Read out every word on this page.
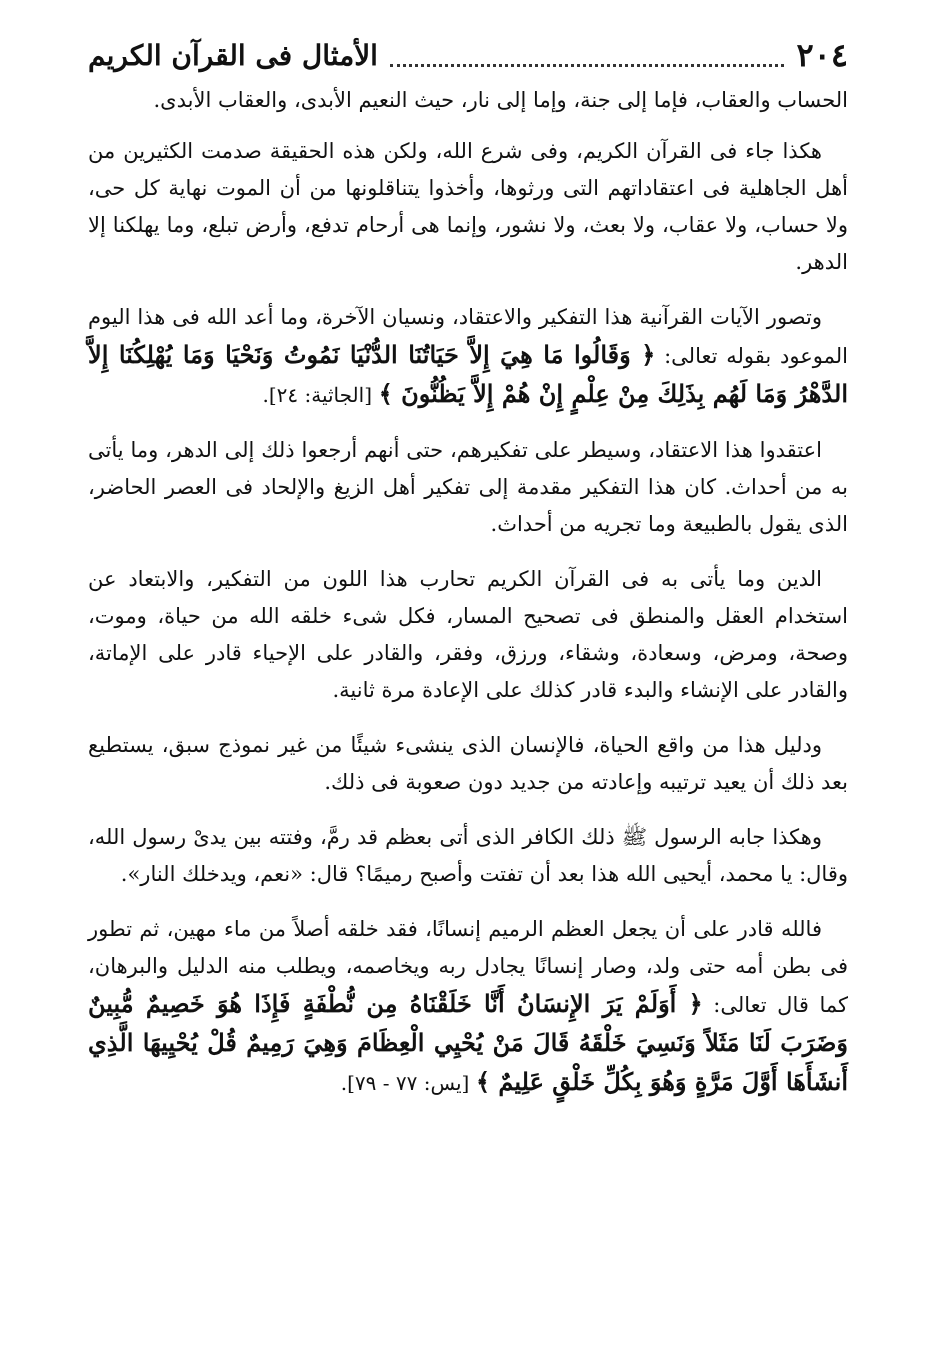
٢٠٤
الأمثال فى القرآن الكريم

الحساب والعقاب، فإما إلى جنة، وإما إلى نار، حيث النعيم الأبدى، والعقاب الأبدى.

هكذا جاء فى القرآن الكريم، وفى شرع الله، ولكن هذه الحقيقة صدمت الكثيرين من أهل الجاهلية فى اعتقاداتهم التى ورثوها، وأخذوا يتناقلونها من أن الموت نهاية كل حى، ولا حساب، ولا عقاب، ولا بعث، ولا نشور، وإنما هى أرحام تدفع، وأرض تبلع، وما يهلكنا إلا الدهر.

وتصور الآيات القرآنية هذا التفكير والاعتقاد، ونسيان الآخرة، وما أعد الله فى هذا اليوم الموعود بقوله تعالى: ﴿ وَقَالُوا مَا هِيَ إِلاَّ حَيَاتُنَا الدُّنْيَا نَمُوتُ وَنَحْيَا وَمَا يُهْلِكُنَا إِلاَّ الدَّهْرُ وَمَا لَهُم بِذَلِكَ مِنْ عِلْمٍ إِنْ هُمْ إِلاَّ يَظُنُّونَ ﴾ [الجاثية: ٢٤].

اعتقدوا هذا الاعتقاد، وسيطر على تفكيرهم، حتى أنهم أرجعوا ذلك إلى الدهر، وما يأتى به من أحداث. كان هذا التفكير مقدمة إلى تفكير أهل الزيغ والإلحاد فى العصر الحاضر، الذى يقول بالطبيعة وما تجريه من أحداث.

الدين وما يأتى به فى القرآن الكريم تحارب هذا اللون من التفكير، والابتعاد عن استخدام العقل والمنطق فى تصحيح المسار، فكل شىء خلقه الله من حياة، وموت، وصحة، ومرض، وسعادة، وشقاء، ورزق، وفقر، والقادر على الإحياء قادر على الإماتة، والقادر على الإنشاء والبدء قادر كذلك على الإعادة مرة ثانية.

ودليل هذا من واقع الحياة، فالإنسان الذى ينشىء شيئًا من غير نموذج سبق، يستطيع بعد ذلك أن يعيد ترتيبه وإعادته من جديد دون صعوبة فى ذلك.

وهكذا جابه الرسول ﷺ ذلك الكافر الذى أتى بعظم قد رمَّ، وفتته بين يدىْ رسول الله، وقال: يا محمد، أيحيى الله هذا بعد أن تفتت وأصبح رميمًا؟ قال: «نعم، ويدخلك النار».

فالله قادر على أن يجعل العظم الرميم إنسانًا، فقد خلقه أصلاً من ماء مهين، ثم تطور فى بطن أمه حتى ولد، وصار إنسانًا يجادل ربه ويخاصمه، ويطلب منه الدليل والبرهان، كما قال تعالى: ﴿ أَوَلَمْ يَرَ الإِنسَانُ أَنَّا خَلَقْنَاهُ مِن نُّطْفَةٍ فَإِذَا هُوَ خَصِيمٌ مُّبِينٌ وَضَرَبَ لَنَا مَثَلاً وَنَسِيَ خَلْقَهُ قَالَ مَنْ يُحْيِي الْعِظَامَ وَهِيَ رَمِيمٌ قُلْ يُحْيِيهَا الَّذِي أَنشَأَهَا أَوَّلَ مَرَّةٍ وَهُوَ بِكُلِّ خَلْقٍ عَلِيمٌ ﴾ [يس: ٧٧ - ٧٩].
